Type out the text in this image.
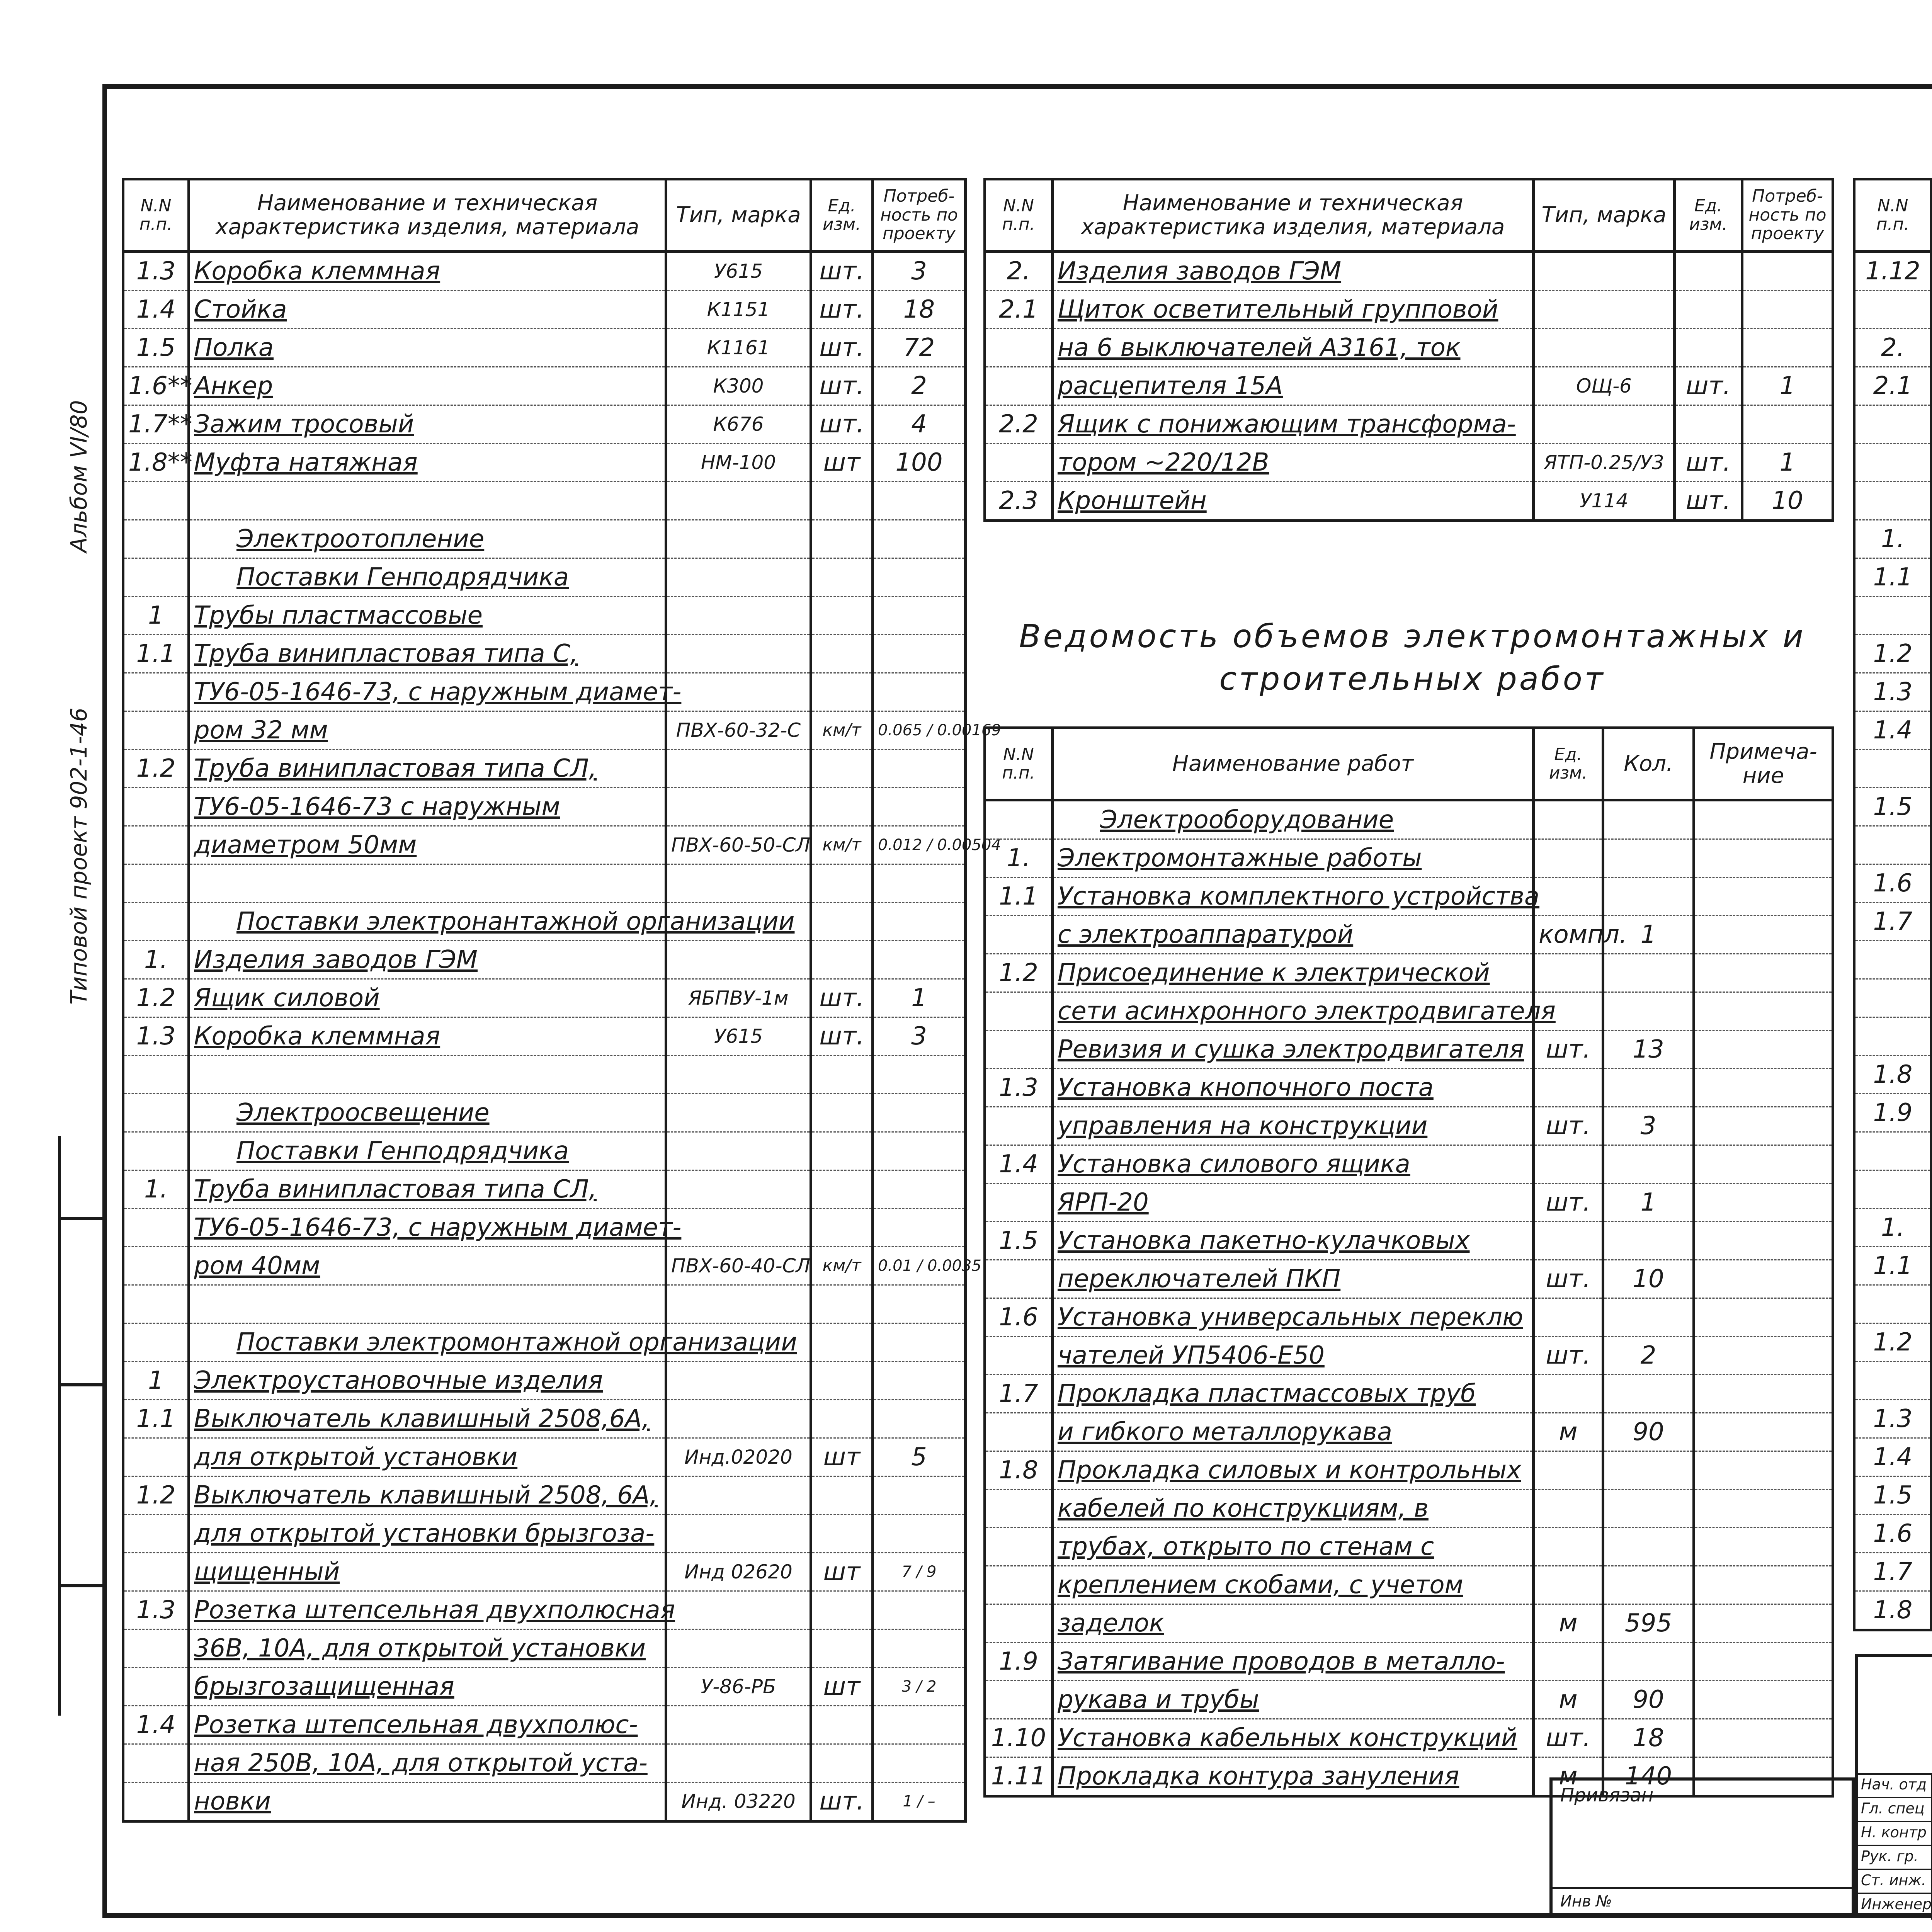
Альбом VI/80
Типовой проект 902-1-46
N.N п.п.	Наименование и техническая характеристика изделия, материала	Тип, марка	Ед. изм.	Потреб- ность по проекту
1.3	Коробка клеммная	У615	шт.	3
1.4	Стойка	К1151	шт.	18
1.5	Полка	К1161	шт.	72
1.6**	Анкер	К300	шт.	2
1.7**	Зажим тросовый	К676	шт.	4
1.8**	Муфта натяжная	НМ-100	шт	100

	Электроотопление			
	Поставки Генподрядчика			
1	Трубы пластмассовые			
1.1	Труба винипластовая типа С,			
	ТУ6-05-1646-73, с наружным диамет-			
	ром 32 мм	ПВХ-60-32-С	км/т	0.065 / 0.00169
1.2	Труба винипластовая типа СЛ,			
	ТУ6-05-1646-73 с наружным			
	диаметром 50мм	ПВХ-60-50-СЛ	км/т	0.012 / 0.00504

	Поставки электронантажной организации			
1.	Изделия заводов ГЭМ			
1.2	Ящик силовой	ЯБПВУ-1м	шт.	1
1.3	Коробка клеммная	У615	шт.	3

	Электроосвещение			
	Поставки Генподрядчика			
1.	Труба винипластовая типа СЛ,			
	ТУ6-05-1646-73, с наружным диамет-			
	ром 40мм	ПВХ-60-40-СЛ	км/т	0.01 / 0.0035

	Поставки электромонтажной организации			
1	Электроустановочные изделия			
1.1	Выключатель клавишный 2508,6А,			
	для открытой установки	Инд.02020	шт	5
1.2	Выключатель клавишный 2508, 6А,			
	для открытой установки брызгоза-			
	щищенный	Инд 02620	шт	7 / 9
1.3	Розетка штепсельная двухполюсная			
	36В, 10А, для открытой установки			
	брызгозащищенная	У-86-РБ	шт	3 / 2
1.4	Розетка штепсельная двухполюс-			
	ная 250В, 10А, для открытой уста-			
	новки	Инд. 03220	шт.	1 / –
N.N п.п.	Наименование и техническая характеристика изделия, материала	Тип, марка	Ед. изм.	Потреб- ность по проекту
2.	Изделия заводов ГЭМ			
2.1	Щиток осветительный групповой			
	на 6 выключателей А3161, ток			
	расцепителя 15А	ОЩ-6	шт.	1
2.2	Ящик с понижающим трансформа-			
	тором ~220/12В	ЯТП-0.25/У3	шт.	1
2.3	Кронштейн	У114	шт.	10
Ведомость объемов электромонтажных и
строительных работ
N.N п.п.	Наименование работ	Ед. изм.	Кол.	Примеча- ние
	Электрооборудование			
1.	Электромонтажные работы			
1.1	Установка комплектного устройства			
	с электроаппаратурой	компл.	1	
1.2	Присоединение к электрической			
	сети асинхронного электродвигателя			
	Ревизия и сушка электродвигателя	шт.	13	
1.3	Установка кнопочного поста			
	управления на конструкции	шт.	3	
1.4	Установка силового ящика			
	ЯРП-20	шт.	1	
1.5	Установка пакетно-кулачковых			
	переключателей ПКП	шт.	10	
1.6	Установка универсальных переклю			
	чателей УП5406-Е50	шт.	2	
1.7	Прокладка пластмассовых труб			
	и гибкого металлорукава	м	90	
1.8	Прокладка силовых и контрольных			
	кабелей по конструкциям, в			
	трубах, открыто по стенам с			
	креплением скобами, с учетом			
	заделок	м	595	
1.9	Затягивание проводов в металло-			
	рукава и трубы	м	90	
1.10	Установка кабельных конструкций	шт.	18	
1.11	Прокладка контура зануления	м	140	
N.N п.п.				
1.12				

2.				
2.1				

1.				
1.1				

1.2				
1.3				
1.4				

1.5				

1.6				
1.7				

1.8				
1.9				

1.				
1.1				

1.2				

1.3				
1.4				
1.5				
1.6				
1.7				
1.8				
Привязан
Инв №
Нач. отд
Гл. спец
Н. контр
Рук. гр.
Ст. инж.
Инженер
